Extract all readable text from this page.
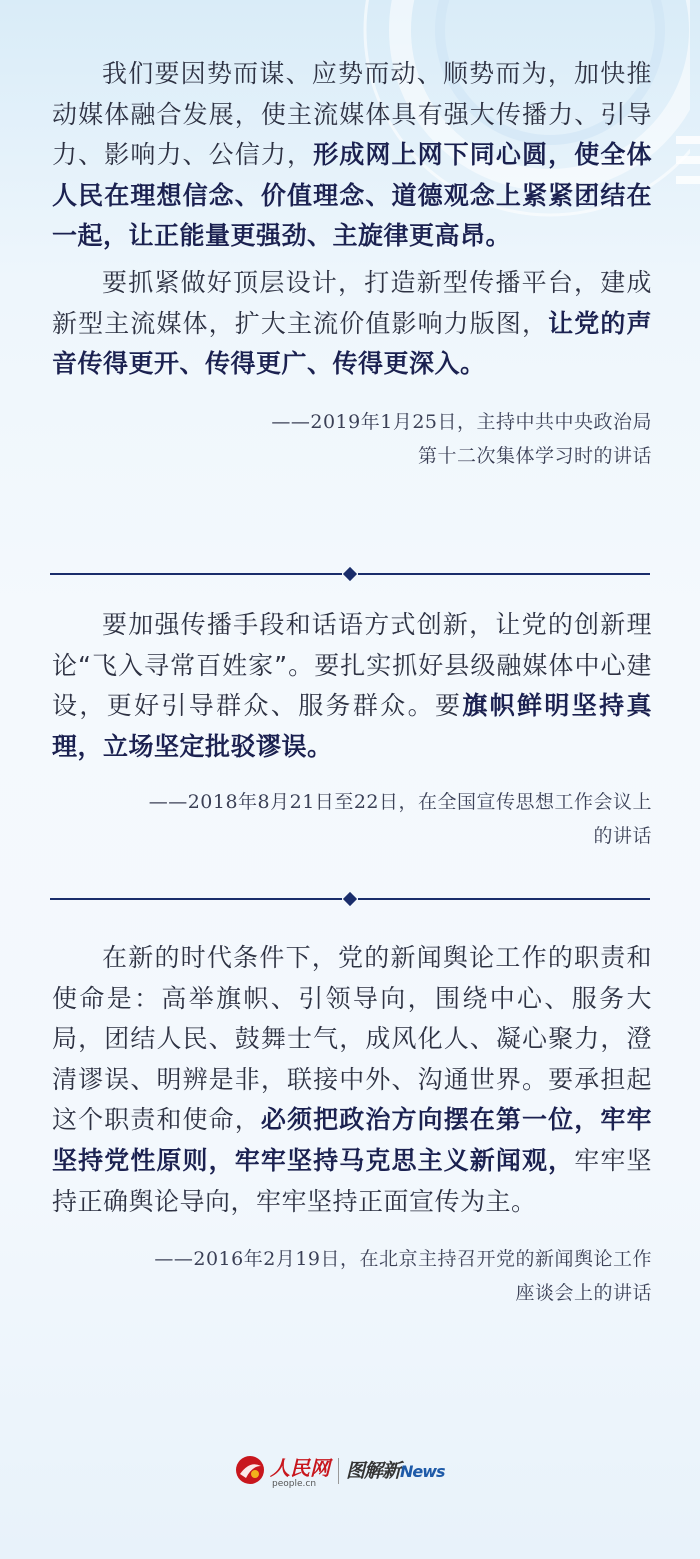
我们要因势而谋、应势而动、顺势而为，加快推动媒体融合发展，使主流媒体具有强大传播力、引导力、影响力、公信力，形成网上网下同心圆，使全体人民在理想信念、价值理念、道德观念上紧紧团结在一起，让正能量更强劲、主旋律更高昂。

要抓紧做好顶层设计，打造新型传播平台，建成新型主流媒体，扩大主流价值影响力版图，让党的声音传得更开、传得更广、传得更深入。

——2019年1月25日，主持中共中央政治局

第十二次集体学习时的讲话

要加强传播手段和话语方式创新，让党的创新理论“飞入寻常百姓家”。要扎实抓好县级融媒体中心建设，更好引导群众、服务群众。要旗帜鲜明坚持真理，立场坚定批驳谬误。

——2018年8月21日至22日，在全国宣传思想工作会议上

的讲话

在新的时代条件下，党的新闻舆论工作的职责和使命是：高举旗帜、引领导向，围绕中心、服务大局，团结人民、鼓舞士气，成风化人、凝心聚力，澄清谬误、明辨是非，联接中外、沟通世界。要承担起这个职责和使命，必须把政治方向摆在第一位，牢牢坚持党性原则，牢牢坚持马克思主义新闻观，牢牢坚持正确舆论导向，牢牢坚持正面宣传为主。

——2016年2月19日，在北京主持召开党的新闻舆论工作

座谈会上的讲话

人民网
people.cn
图解新News
